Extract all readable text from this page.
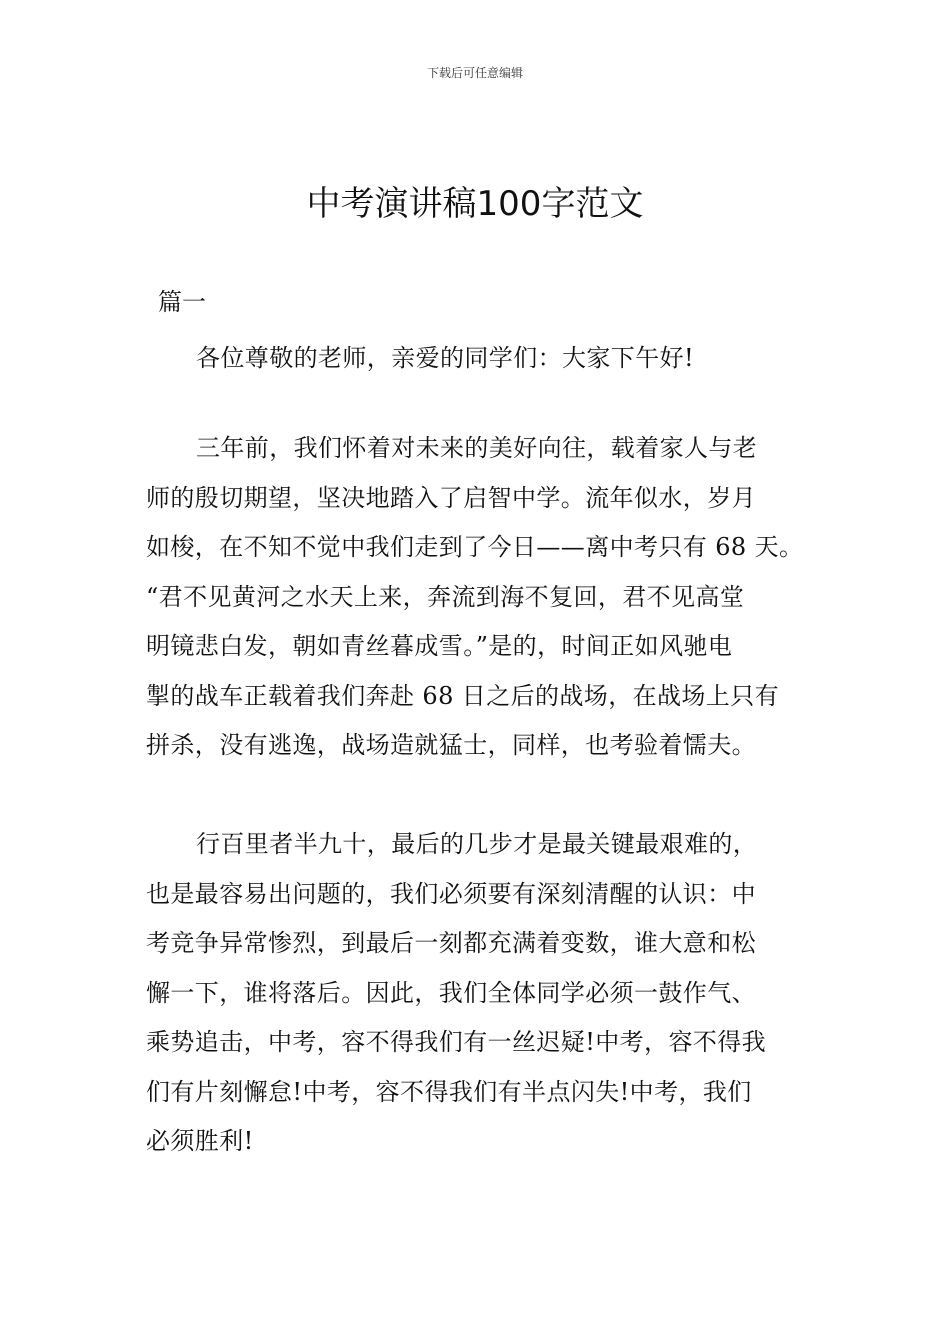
下载后可任意编辑
中考演讲稿100字范文

篇一

各位尊敬的老师，亲爱的同学们：大家下午好!

三年前，我们怀着对未来的美好向往，载着家人与老
师的殷切期望，坚决地踏入了启智中学。流年似水，岁月
如梭，在不知不觉中我们走到了今日——离中考只有 68 天。
“君不见黄河之水天上来，奔流到海不复回，君不见高堂
明镜悲白发，朝如青丝暮成雪。”是的，时间正如风驰电
掣的战车正载着我们奔赴 68 日之后的战场，在战场上只有
拼杀，没有逃逸，战场造就猛士，同样，也考验着懦夫。
行百里者半九十，最后的几步才是最关键最艰难的，
也是最容易出问题的，我们必须要有深刻清醒的认识：中
考竞争异常惨烈，到最后一刻都充满着变数，谁大意和松
懈一下，谁将落后。因此，我们全体同学必须一鼓作气、
乘势追击，中考，容不得我们有一丝迟疑!中考，容不得我
们有片刻懈怠!中考，容不得我们有半点闪失!中考，我们
必须胜利!
